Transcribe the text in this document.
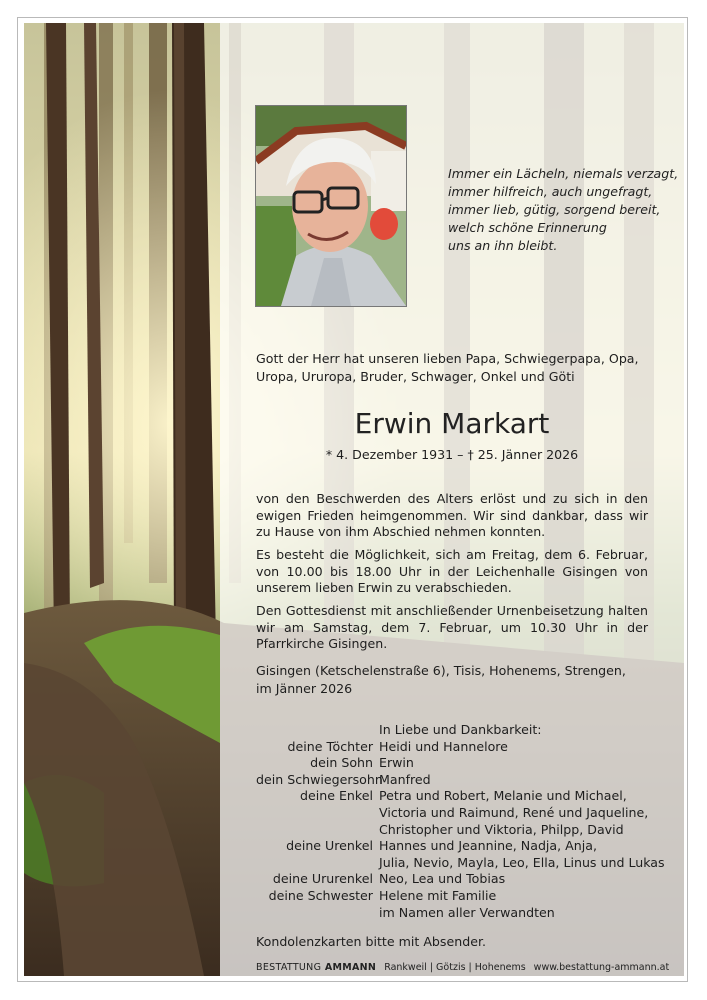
Immer ein Lächeln, niemals verzagt,
immer hilfreich, auch ungefragt,
immer lieb, gütig, sorgend bereit,
welch schöne Erinnerung
uns an ihn bleibt.
Gott der Herr hat unseren lieben Papa, Schwiegerpapa, Opa, Uropa, Ururopa, Bruder, Schwager, Onkel und Göti
Erwin Markart
* 4. Dezember 1931 – † 25. Jänner 2026
von den Beschwerden des Alters erlöst und zu sich in den ewigen Frieden heimgenommen. Wir sind dankbar, dass wir zu Hause von ihm Abschied nehmen konnten.
Es besteht die Möglichkeit, sich am Freitag, dem 6. Februar, von 10.00 bis 18.00 Uhr in der Leichenhalle Gisingen von unserem lieben Erwin zu verabschieden.
Den Gottesdienst mit anschließender Urnenbeisetzung halten wir am Samstag, dem 7. Februar, um 10.30 Uhr in der Pfarrkirche Gisingen.
Gisingen (Ketschelenstraße 6), Tisis, Hohenems, Strengen,
im Jänner 2026
In Liebe und Dankbarkeit:
deine Töchter Heidi und Hannelore
dein Sohn Erwin
dein Schwiegersohn
Manfred
deine Enkel Petra und Robert, Melanie und Michael,
Victoria und Raimund, René und Jaqueline,
Christopher und Viktoria, Philpp, David
deine Urenkel Hannes und Jeannine, Nadja, Anja,
Julia, Nevio, Mayla, Leo, Ella, Linus und Lukas
deine Ururenkel Neo, Lea und Tobias
deine Schwester Helene mit Familie
im Namen aller Verwandten
Kondolenzkarten bitte mit Absender.
BESTATTUNG AMMANN Rankweil | Götzis | Hohenems www.bestattung-ammann.at
